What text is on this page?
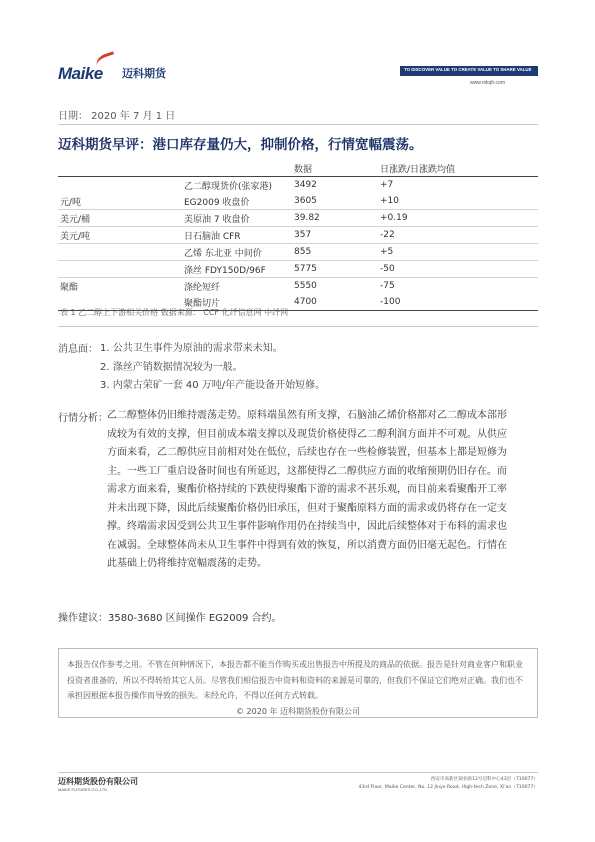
Maike 迈科期货	TO DISCOVER VALUE TO CREATE VALUE TO SHARE VALUE
www.mkqh.com
日期： 2020 年 7 月 1 日
迈科期货早评：港口库存量仍大，抑制价格，行情宽幅震荡。
		数据	日涨跌/日涨跌均值
	乙二醇现货价(张家港)	3492	+7
元/吨	EG2009 收盘价	3605	+10
美元/桶	美原油 7 收盘价	39.82	+0.19
美元/吨	日石脑油 CFR	357	-22
	乙烯 东北亚 中间价	855	+5
	涤丝 FDY150D/96F	5775	-50
聚酯	涤纶短纤	5550	-75
	聚酯切片	4700	-100
表 1 乙二醇上下游相关价格 数据来源： CCF 化纤信息网 中纤网
消息面： 1. 公共卫生事件为原油的需求带来未知。
2. 涤丝产销数据情况较为一般。
3. 内蒙古荣矿一套 40 万吨/年产能设备开始短修。
行情分析： 乙二醇整体仍旧维持震荡走势。原料端虽然有所支撑，石脑油乙烯价格都对乙二醇成本部形成较为有效的支撑，但目前成本端支撑以及现货价格使得乙二醇利润方面并不可观。从供应方面来看，乙二醇供应目前相对处在低位，后续也存在一些检修装置，但基本上都是短修为主。一些工厂重启设备时间也有所延迟，这都使得乙二醇供应方面的收缩预期仍旧存在。而需求方面来看，聚酯价格持续的下跌使得聚酯下游的需求不甚乐观，而目前来看聚酯开工率并未出现下降，因此后续聚酯价格仍旧承压，但对于聚酯原料方面的需求或仍将存在一定支撑。终端需求因受到公共卫生事件影响作用仍在持续当中，因此后续整体对于布料的需求也在减弱。全球整体尚未从卫生事件中得到有效的恢复，所以消费方面仍旧毫无起色。行情在此基础上仍将维持宽幅震荡的走势。
操作建议：3580-3680 区间操作 EG2009 合约。
本报告仅作参考之用。不管在何种情况下，本报告都不能当作购买或出售报告中所提及的商品的依据。报告是针对商业客户和职业投资者准备的，所以不得转给其它人员。尽管我们相信报告中资料和资料的来源是可靠的，但我们不保证它们绝对正确。我们也不承担因根据本报告操作而导致的损失。未经允许，不得以任何方式转载。
© 2020 年 迈科期货股份有限公司
迈科期货股份有限公司
MAIKE FUTURES CO.,LTD.
西安市高新区锦业路12号迈科中心43层（710077）
43rd Floor, Maike Center, No. 12 Jinye Road, High-tech Zone, Xi'an（710077）
